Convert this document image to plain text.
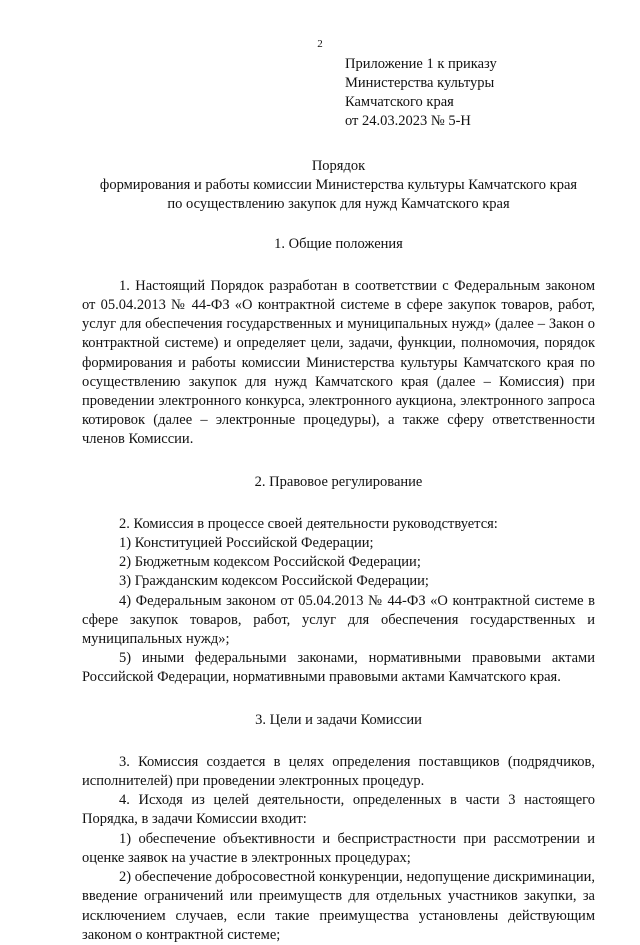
2
Приложение 1 к приказу
Министерства культуры
Камчатского края
от 24.03.2023 № 5-Н
Порядок
формирования и работы комиссии Министерства культуры Камчатского края
по осуществлению закупок для нужд Камчатского края
1. Общие положения

1. Настоящий Порядок разработан в соответствии с Федеральным законом от 05.04.2013 № 44-ФЗ «О контрактной системе в сфере закупок товаров, работ, услуг для обеспечения государственных и муниципальных нужд» (далее – Закон о контрактной системе) и определяет цели, задачи, функции, полномочия, порядок формирования и работы комиссии Министерства культуры Камчатского края по осуществлению закупок для нужд Камчатского края (далее – Комиссия) при проведении электронного конкурса, электронного аукциона, электронного запроса котировок (далее – электронные процедуры), а также сферу ответственности членов Комиссии.

2. Правовое регулирование

2. Комиссия в процессе своей деятельности руководствуется:

1) Конституцией Российской Федерации;

2) Бюджетным кодексом Российской Федерации;

3) Гражданским кодексом Российской Федерации;

4) Федеральным законом от 05.04.2013 № 44-ФЗ «О контрактной системе в сфере закупок товаров, работ, услуг для обеспечения государственных и муниципальных нужд»;

5) иными федеральными законами, нормативными правовыми актами Российской Федерации, нормативными правовыми актами Камчатского края.

3. Цели и задачи Комиссии

3. Комиссия создается в целях определения поставщиков (подрядчиков, исполнителей) при проведении электронных процедур.

4. Исходя из целей деятельности, определенных в части 3 настоящего Порядка, в задачи Комиссии входит:

1) обеспечение объективности и беспристрастности при рассмотрении и оценке заявок на участие в электронных процедурах;

2) обеспечение добросовестной конкуренции, недопущение дискриминации, введение ограничений или преимуществ для отдельных участников закупки, за исключением случаев, если такие преимущества установлены действующим законом о контрактной системе;
